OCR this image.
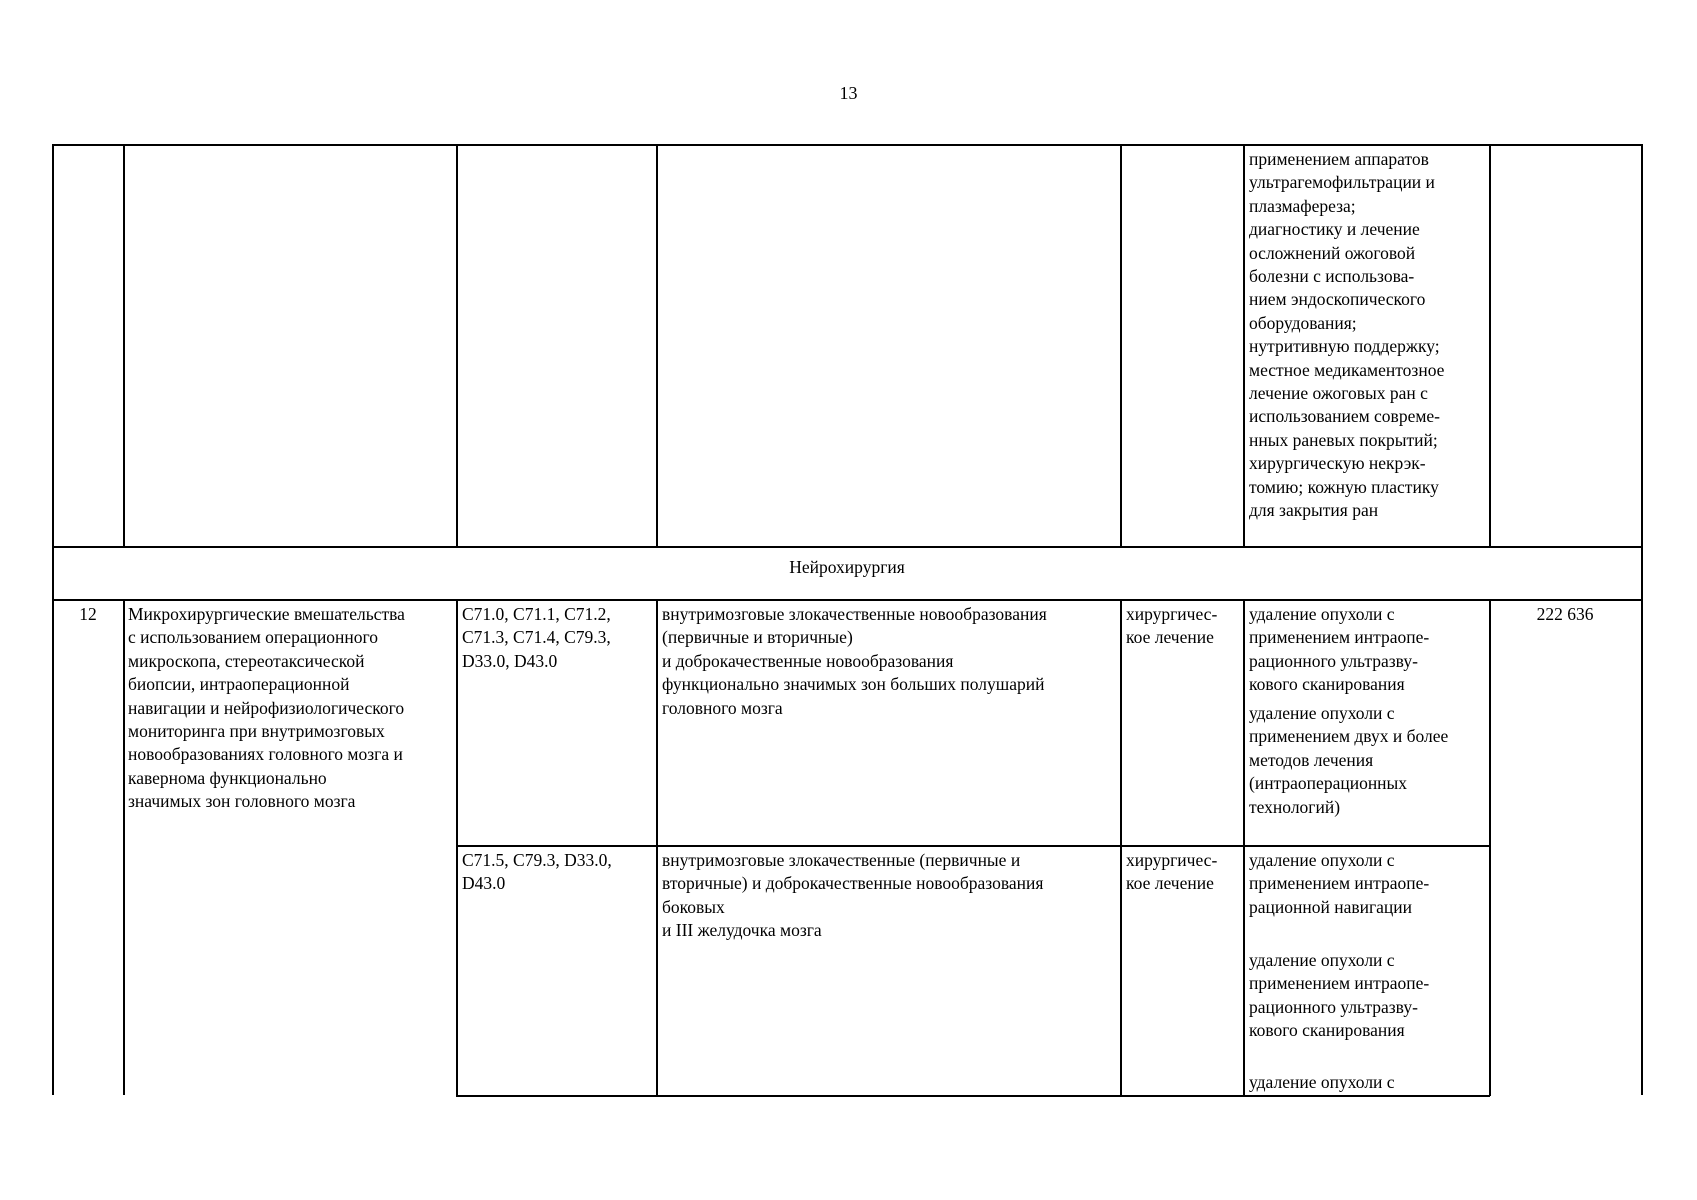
13
применением аппаратов
ультрагемофильтрации и
плазмафереза;
диагностику и лечение
осложнений ожоговой
болезни с использова-
нием эндоскопического
оборудования;
нутритивную поддержку;
местное медикаментозное
лечение ожоговых ран с
использованием совреме-
нных раневых покрытий;
хирургическую некрэк-
томию; кожную пластику
для закрытия ран
Нейрохирургия
12	Микрохирургические вмешательства
с использованием операционного
микроскопа, стереотаксической
биопсии, интраоперационной
навигации и нейрофизиологического
мониторинга при внутримозговых
новообразованиях головного мозга и
кавернома функционально
значимых зон головного мозга
222 636
C71.0, C71.1, C71.2,
C71.3, C71.4, C79.3,
D33.0, D43.0
внутримозговые злокачественные новообразования
(первичные и вторичные)
и доброкачественные новообразования
функционально значимых зон больших полушарий
головного мозга
хирургичес-
кое лечение
удаление опухоли с
применением интраопе-
рационного ультразву-
кового сканирования
удаление опухоли с
применением двух и более
методов лечения
(интраоперационных
технологий)
C71.5, C79.3, D33.0,
D43.0
внутримозговые злокачественные (первичные и
вторичные) и доброкачественные новообразования
боковых
и III желудочка мозга
хирургичес-
кое лечение
удаление опухоли с
применением интраопе-
рационной навигации
удаление опухоли с
применением интраопе-
рационного ультразву-
кового сканирования
удаление опухоли с
